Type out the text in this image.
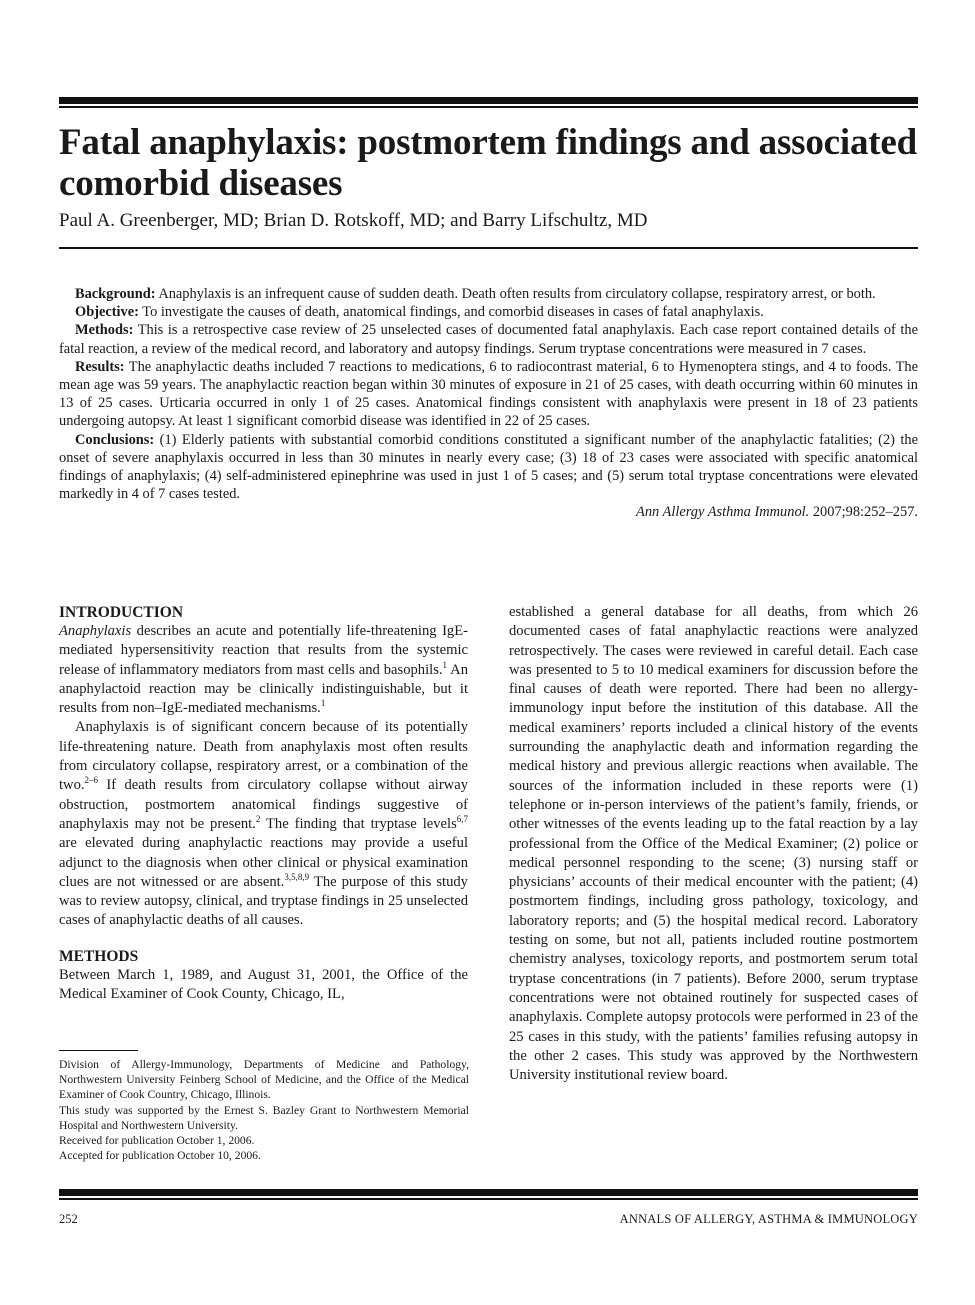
Fatal anaphylaxis: postmortem findings and associated comorbid diseases

Paul A. Greenberger, MD; Brian D. Rotskoff, MD; and Barry Lifschultz, MD

Background: Anaphylaxis is an infrequent cause of sudden death. Death often results from circulatory collapse, respiratory arrest, or both.

Objective: To investigate the causes of death, anatomical findings, and comorbid diseases in cases of fatal anaphylaxis.

Methods: This is a retrospective case review of 25 unselected cases of documented fatal anaphylaxis. Each case report contained details of the fatal reaction, a review of the medical record, and laboratory and autopsy findings. Serum tryptase concentrations were measured in 7 cases.

Results: The anaphylactic deaths included 7 reactions to medications, 6 to radiocontrast material, 6 to Hymenoptera stings, and 4 to foods. The mean age was 59 years. The anaphylactic reaction began within 30 minutes of exposure in 21 of 25 cases, with death occurring within 60 minutes in 13 of 25 cases. Urticaria occurred in only 1 of 25 cases. Anatomical findings consistent with anaphylaxis were present in 18 of 23 patients undergoing autopsy. At least 1 significant comorbid disease was identified in 22 of 25 cases.

Conclusions: (1) Elderly patients with substantial comorbid conditions constituted a significant number of the anaphylactic fatalities; (2) the onset of severe anaphylaxis occurred in less than 30 minutes in nearly every case; (3) 18 of 23 cases were associated with specific anatomical findings of anaphylaxis; (4) self-administered epinephrine was used in just 1 of 5 cases; and (5) serum total tryptase concentrations were elevated markedly in 4 of 7 cases tested.

Ann Allergy Asthma Immunol. 2007;98:252–257.

INTRODUCTION

Anaphylaxis describes an acute and potentially life-threatening IgE-mediated hypersensitivity reaction that results from the systemic release of inflammatory mediators from mast cells and basophils.$^1$ An anaphylactoid reaction may be clinically indistinguishable, but it results from non–IgE-mediated mechanisms.$^1$

Anaphylaxis is of significant concern because of its potentially life-threatening nature. Death from anaphylaxis most often results from circulatory collapse, respiratory arrest, or a combination of the two.$^{2-6}$ If death results from circulatory collapse without airway obstruction, postmortem anatomical findings suggestive of anaphylaxis may not be present.$^2$ The finding that tryptase levels$^{6,7}$ are elevated during anaphylactic reactions may provide a useful adjunct to the diagnosis when other clinical or physical examination clues are not witnessed or are absent.$^{3,5,8,9}$ The purpose of this study was to review autopsy, clinical, and tryptase findings in 25 unselected cases of anaphylactic deaths of all causes.

METHODS

Between March 1, 1989, and August 31, 2001, the Office of the Medical Examiner of Cook County, Chicago, IL,

Division of Allergy-Immunology, Departments of Medicine and Pathology, Northwestern University Feinberg School of Medicine, and the Office of the Medical Examiner of Cook Country, Chicago, Illinois.

This study was supported by the Ernest S. Bazley Grant to Northwestern Memorial Hospital and Northwestern University.

Received for publication October 1, 2006.

Accepted for publication October 10, 2006.

established a general database for all deaths, from which 26 documented cases of fatal anaphylactic reactions were analyzed retrospectively. The cases were reviewed in careful detail. Each case was presented to 5 to 10 medical examiners for discussion before the final causes of death were reported. There had been no allergy-immunology input before the institution of this database. All the medical examiners’ reports included a clinical history of the events surrounding the anaphylactic death and information regarding the medical history and previous allergic reactions when available. The sources of the information included in these reports were (1) telephone or in-person interviews of the patient’s family, friends, or other witnesses of the events leading up to the fatal reaction by a lay professional from the Office of the Medical Examiner; (2) police or medical personnel responding to the scene; (3) nursing staff or physicians’ accounts of their medical encounter with the patient; (4) postmortem findings, including gross pathology, toxicology, and laboratory reports; and (5) the hospital medical record. Laboratory testing on some, but not all, patients included routine postmortem chemistry analyses, toxicology reports, and postmortem serum total tryptase concentrations (in 7 patients). Before 2000, serum tryptase concentrations were not obtained routinely for suspected cases of anaphylaxis. Complete autopsy protocols were performed in 23 of the 25 cases in this study, with the patients’ families refusing autopsy in the other 2 cases. This study was approved by the Northwestern University institutional review board.

252	ANNALS OF ALLERGY, ASTHMA & IMMUNOLOGY
